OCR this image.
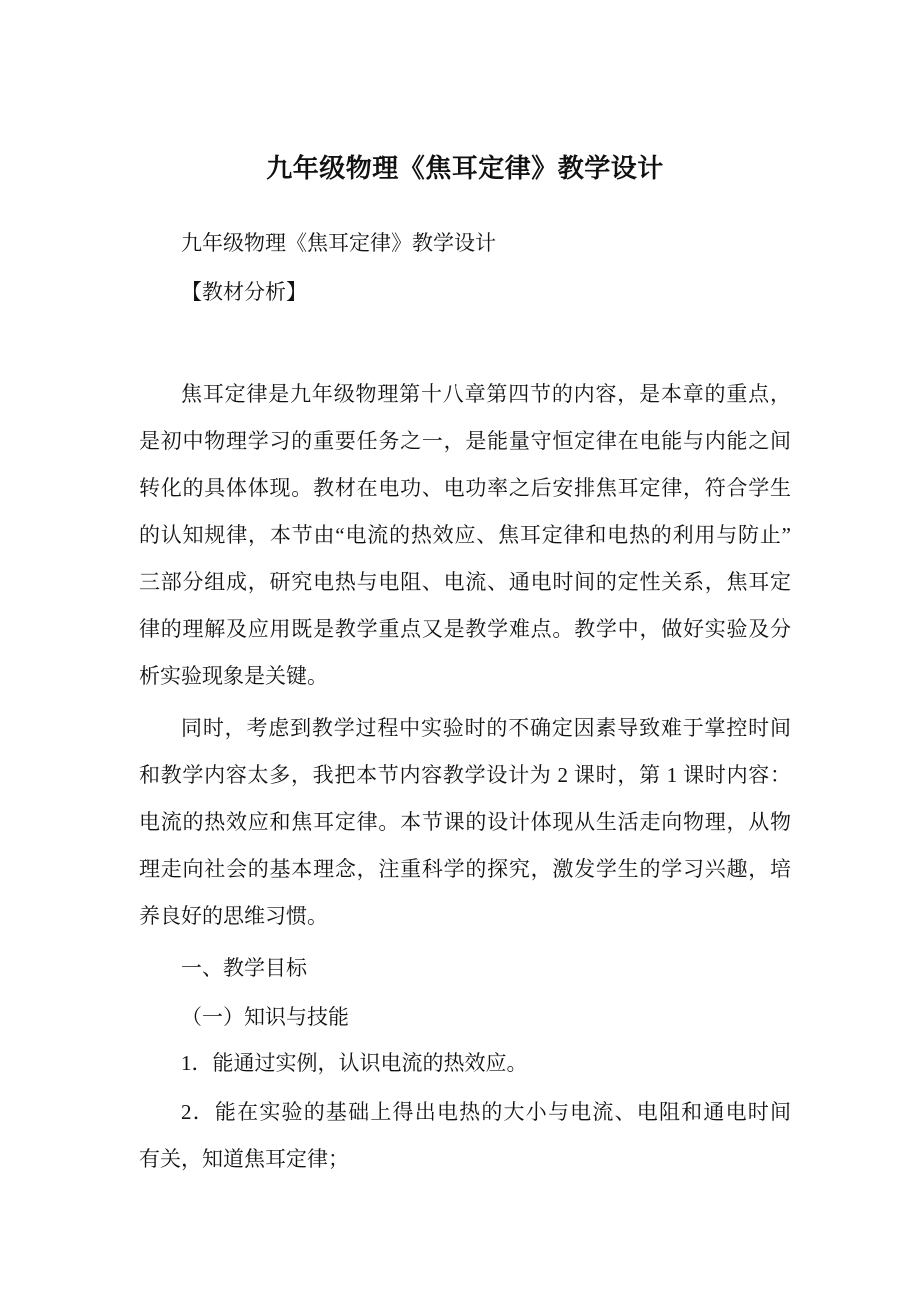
九年级物理《焦耳定律》教学设计
九年级物理《焦耳定律》教学设计
【教材分析】
焦耳定律是九年级物理第十八章第四节的内容，是本章的重点，
是初中物理学习的重要任务之一，是能量守恒定律在电能与内能之间
转化的具体体现。教材在电功、电功率之后安排焦耳定律，符合学生
的认知规律，本节由“电流的热效应、焦耳定律和电热的利用与防止”
三部分组成，研究电热与电阻、电流、通电时间的定性关系，焦耳定
律的理解及应用既是教学重点又是教学难点。教学中，做好实验及分
析实验现象是关键。
同时，考虑到教学过程中实验时的不确定因素导致难于掌控时间
和教学内容太多，我把本节内容教学设计为 2 课时，第 1 课时内容：
电流的热效应和焦耳定律。本节课的设计体现从生活走向物理，从物
理走向社会的基本理念，注重科学的探究，激发学生的学习兴趣，培
养良好的思维习惯。
一、教学目标
（一）知识与技能
1．能通过实例，认识电流的热效应。
2．能在实验的基础上得出电热的大小与电流、电阻和通电时间
有关，知道焦耳定律；
